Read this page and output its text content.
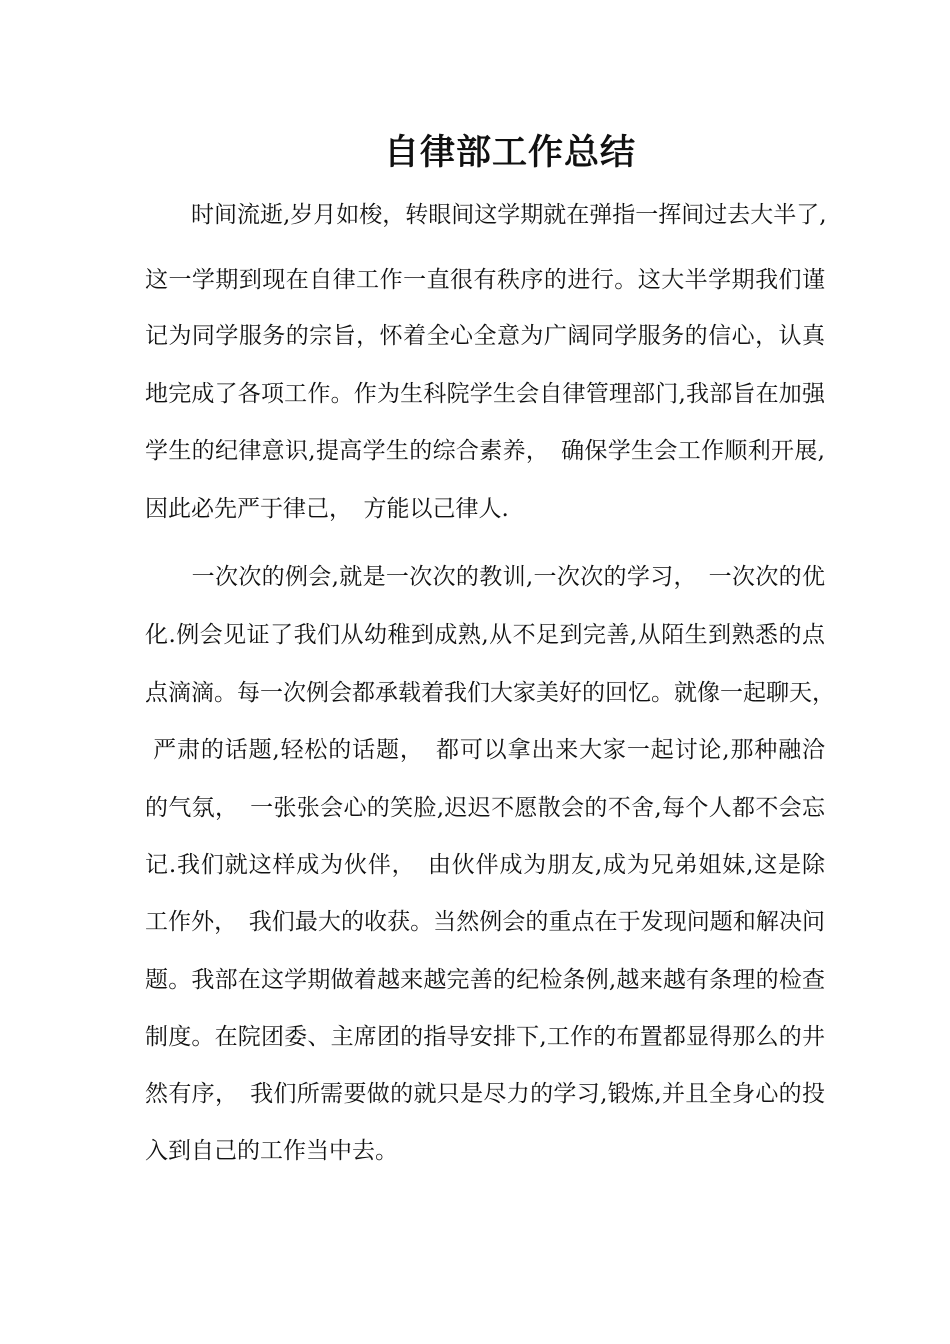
自律部工作总结
　　时间流逝,岁月如梭，转眼间这学期就在弹指一挥间过去大半了,
这一学期到现在自律工作一直很有秩序的进行。这大半学期我们谨
记为同学服务的宗旨，怀着全心全意为广阔同学服务的信心，认真
地完成了各项工作。作为生科院学生会自律管理部门,我部旨在加强
学生的纪律意识,提高学生的综合素养，　确保学生会工作顺利开展,
因此必先严于律己，　方能以己律人.
　　一次次的例会,就是一次次的教训,一次次的学习，　一次次的优
化.例会见证了我们从幼稚到成熟,从不足到完善,从陌生到熟悉的点
点滴滴。每一次例会都承载着我们大家美好的回忆。就像一起聊天，
严肃的话题,轻松的话题，　都可以拿出来大家一起讨论,那种融洽
的气氛，　一张张会心的笑脸,迟迟不愿散会的不舍,每个人都不会忘
记.我们就这样成为伙伴，　由伙伴成为朋友,成为兄弟姐妹,这是除
工作外，　我们最大的收获。当然例会的重点在于发现问题和解决问
题。我部在这学期做着越来越完善的纪检条例,越来越有条理的检查
制度。在院团委、主席团的指导安排下,工作的布置都显得那么的井
然有序，　我们所需要做的就只是尽力的学习,锻炼,并且全身心的投
入到自己的工作当中去。
